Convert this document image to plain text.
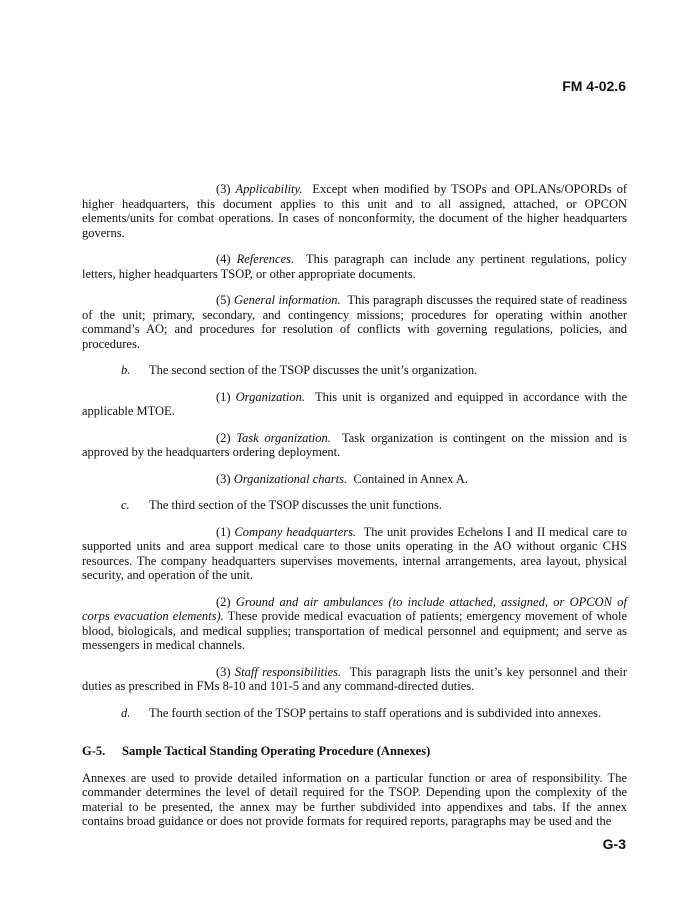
FM 4-02.6

(3) Applicability. Except when modified by TSOPs and OPLANs/OPORDs of higher headquarters, this document applies to this unit and to all assigned, attached, or OPCON elements/units for combat operations. In cases of nonconformity, the document of the higher headquarters governs.

(4) References. This paragraph can include any pertinent regulations, policy letters, higher headquarters TSOP, or other appropriate documents.

(5) General information. This paragraph discusses the required state of readiness of the unit; primary, secondary, and contingency missions; procedures for operating within another command’s AO; and procedures for resolution of conflicts with governing regulations, policies, and procedures.

b. The second section of the TSOP discusses the unit’s organization.

(1) Organization. This unit is organized and equipped in accordance with the applicable MTOE.

(2) Task organization. Task organization is contingent on the mission and is approved by the headquarters ordering deployment.

(3) Organizational charts. Contained in Annex A.

c. The third section of the TSOP discusses the unit functions.

(1) Company headquarters. The unit provides Echelons I and II medical care to supported units and area support medical care to those units operating in the AO without organic CHS resources. The company headquarters supervises movements, internal arrangements, area layout, physical security, and operation of the unit.

(2) Ground and air ambulances (to include attached, assigned, or OPCON of corps evacuation elements). These provide medical evacuation of patients; emergency movement of whole blood, biologicals, and medical supplies; transportation of medical personnel and equipment; and serve as messengers in medical channels.

(3) Staff responsibilities. This paragraph lists the unit’s key personnel and their duties as prescribed in FMs 8-10 and 101-5 and any command-directed duties.

d. The fourth section of the TSOP pertains to staff operations and is subdivided into annexes.

G-5. Sample Tactical Standing Operating Procedure (Annexes)

Annexes are used to provide detailed information on a particular function or area of responsibility. The commander determines the level of detail required for the TSOP. Depending upon the complexity of the material to be presented, the annex may be further subdivided into appendixes and tabs. If the annex contains broad guidance or does not provide formats for required reports, paragraphs may be used and the

G-3
